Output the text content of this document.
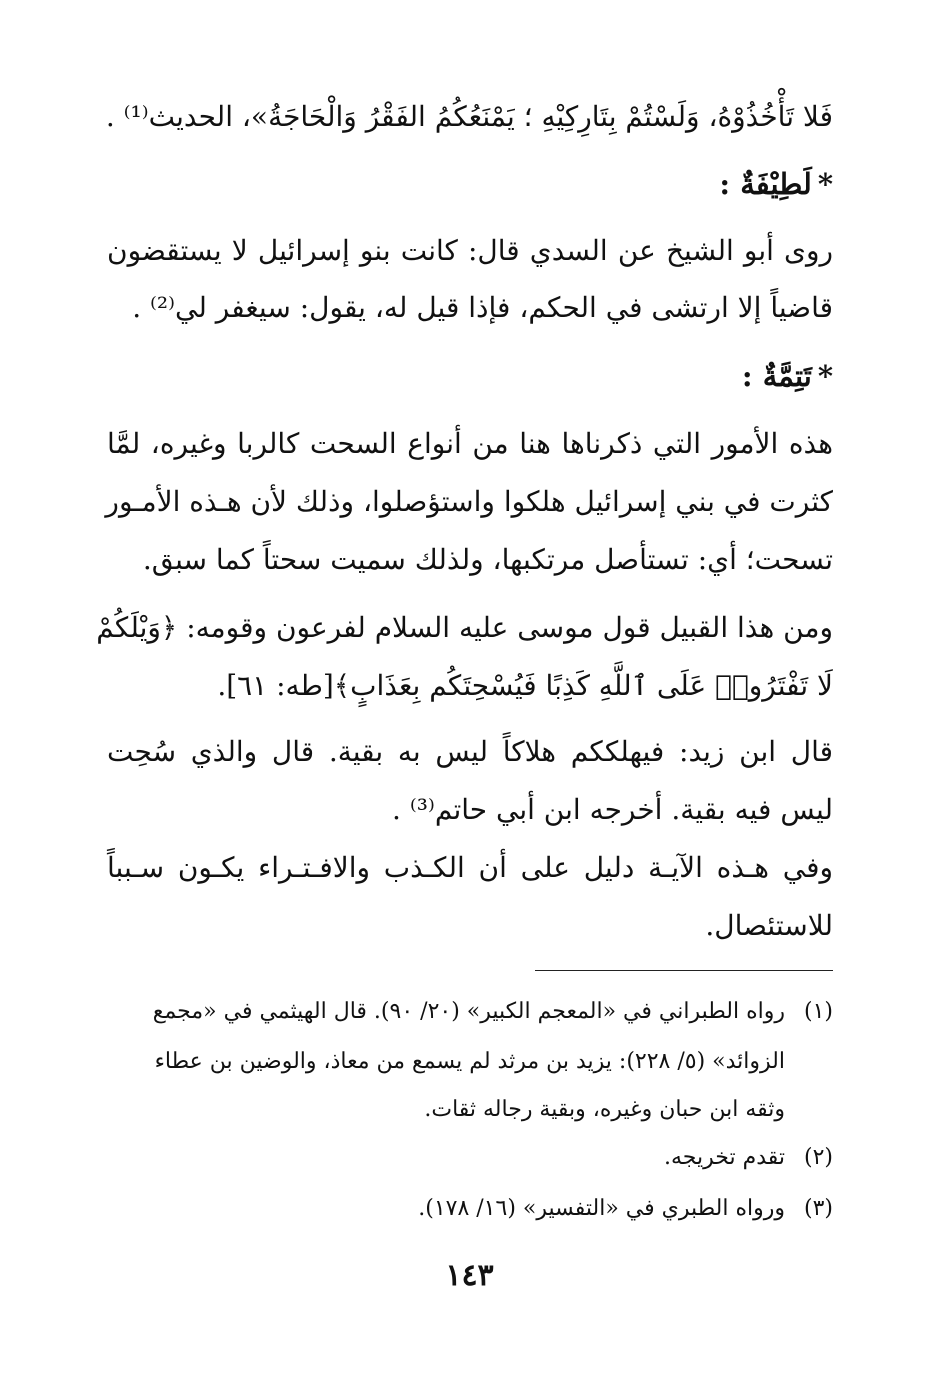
فَلا تَأْخُذُوْهُ، وَلَسْتُمْ بِتَارِكِيْهِ ؛ يَمْنَعُكُمُ الفَقْرُ وَالْحَاجَةُ»، الحديث⁽¹⁾ .
*لَطِيْفَةٌ :
روى أبو الشيخ عن السدي قال: كانت بنو إسرائيل لا يستقضون
قاضياً إلا ارتشى في الحكم، فإذا قيل له، يقول: سيغفر لي⁽²⁾ .
*تَتِمَّةٌ :
هذه الأمور التي ذكرناها هنا من أنواع السحت كالربا وغيره، لمَّا
كثرت في بني إسرائيل هلكوا واستؤصلوا، وذلك لأن هـذه الأمـور
تسحت؛ أي: تستأصل مرتكبها، ولذلك سميت سحتاً كما سبق.
ومن هذا القبيل قول موسى عليه السلام لفرعون وقومه: ﴿وَيْلَكُمْ
لَا تَفْتَرُوا۟ عَلَى ٱللَّهِ كَذِبًا فَيُسْحِتَكُم بِعَذَابٍ﴾[طه: ٦١].
قال ابن زيد: فيهلككم هلاكاً ليس به بقية. قال والذي سُحِت
ليس فيه بقية. أخرجه ابن أبي حاتم⁽³⁾ .
وفي هـذه الآيـة دليل على أن الكـذب والافـتـراء يكـون سـبباً
للاستئصال.
(١)رواه الطبراني في «المعجم الكبير» (٢٠/ ٩٠). قال الهيثمي في «مجمع
الزوائد» (٥/ ٢٢٨): يزيد بن مرثد لم يسمع من معاذ، والوضين بن عطاء
وثقه ابن حبان وغيره، وبقية رجاله ثقات.
(٢)تقدم تخريجه.
(٣)ورواه الطبري في «التفسير» (١٦/ ١٧٨).
١٤٣
